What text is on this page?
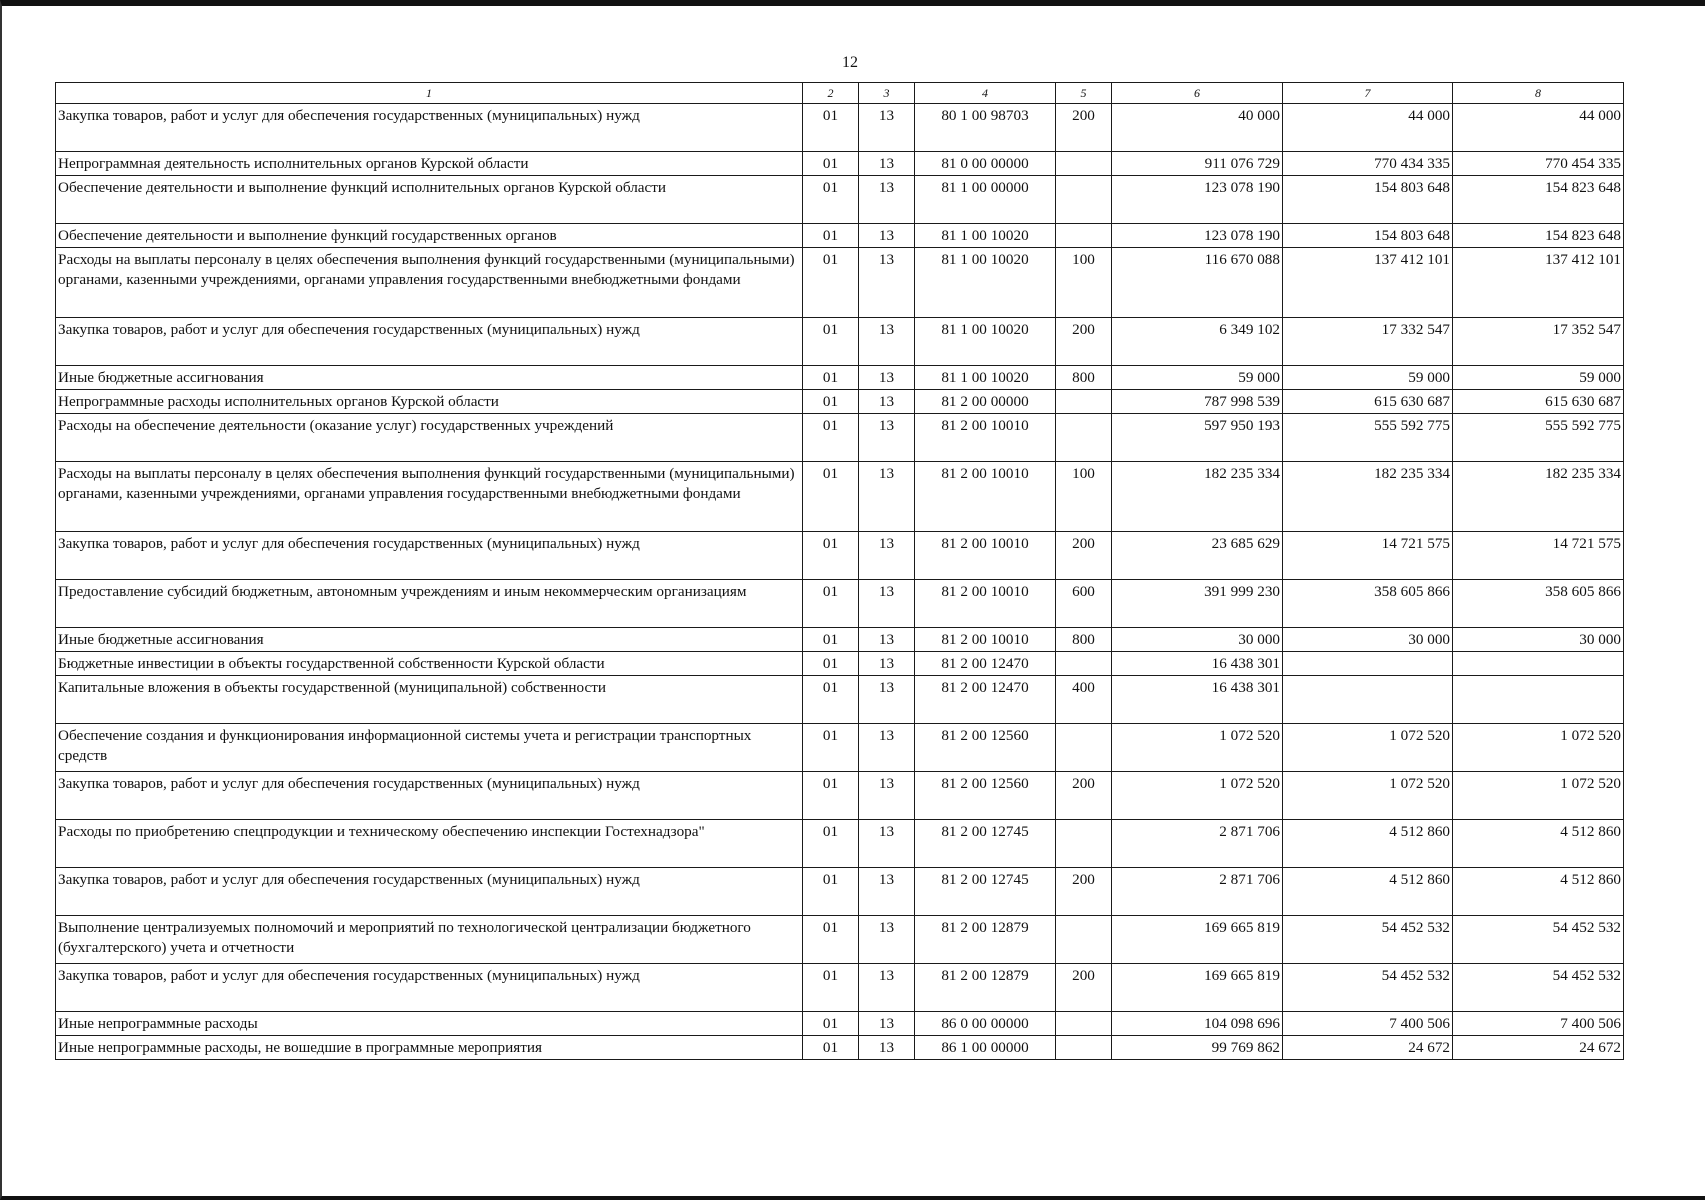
12
1	2	3	4	5	6	7	8
Закупка товаров, работ и услуг для обеспечения государственных (муниципальных) нужд	01	13	80 1 00 98703	200	40 000	44 000	44 000
Непрограммная деятельность исполнительных органов Курской области	01	13	81 0 00 00000		911 076 729	770 434 335	770 454 335
Обеспечение деятельности и выполнение функций исполнительных органов Курской области	01	13	81 1 00 00000		123 078 190	154 803 648	154 823 648
Обеспечение деятельности и выполнение функций государственных органов	01	13	81 1 00 10020		123 078 190	154 803 648	154 823 648
Расходы на выплаты персоналу в целях обеспечения выполнения функций государственными (муниципальными) органами, казенными учреждениями, органами управления государственными внебюджетными фондами	01	13	81 1 00 10020	100	116 670 088	137 412 101	137 412 101
Закупка товаров, работ и услуг для обеспечения государственных (муниципальных) нужд	01	13	81 1 00 10020	200	6 349 102	17 332 547	17 352 547
Иные бюджетные ассигнования	01	13	81 1 00 10020	800	59 000	59 000	59 000
Непрограммные расходы исполнительных органов Курской области	01	13	81 2 00 00000		787 998 539	615 630 687	615 630 687
Расходы на обеспечение деятельности (оказание услуг) государственных учреждений	01	13	81 2 00 10010		597 950 193	555 592 775	555 592 775
Расходы на выплаты персоналу в целях обеспечения выполнения функций государственными (муниципальными) органами, казенными учреждениями, органами управления государственными внебюджетными фондами	01	13	81 2 00 10010	100	182 235 334	182 235 334	182 235 334
Закупка товаров, работ и услуг для обеспечения государственных (муниципальных) нужд	01	13	81 2 00 10010	200	23 685 629	14 721 575	14 721 575
Предоставление субсидий бюджетным, автономным учреждениям и иным некоммерческим организациям	01	13	81 2 00 10010	600	391 999 230	358 605 866	358 605 866
Иные бюджетные ассигнования	01	13	81 2 00 10010	800	30 000	30 000	30 000
Бюджетные инвестиции в объекты государственной собственности Курской области	01	13	81 2 00 12470		16 438 301		
Капитальные вложения в объекты государственной (муниципальной) собственности	01	13	81 2 00 12470	400	16 438 301		
Обеспечение создания и функционирования информационной системы учета и регистрации транспортных средств	01	13	81 2 00 12560		1 072 520	1 072 520	1 072 520
Закупка товаров, работ и услуг для обеспечения государственных (муниципальных) нужд	01	13	81 2 00 12560	200	1 072 520	1 072 520	1 072 520
Расходы по приобретению спецпродукции и техническому обеспечению инспекции Гостехнадзора"	01	13	81 2 00 12745		2 871 706	4 512 860	4 512 860
Закупка товаров, работ и услуг для обеспечения государственных (муниципальных) нужд	01	13	81 2 00 12745	200	2 871 706	4 512 860	4 512 860
Выполнение централизуемых полномочий и мероприятий по технологической централизации бюджетного (бухгалтерского) учета и отчетности	01	13	81 2 00 12879		169 665 819	54 452 532	54 452 532
Закупка товаров, работ и услуг для обеспечения государственных (муниципальных) нужд	01	13	81 2 00 12879	200	169 665 819	54 452 532	54 452 532
Иные непрограммные расходы	01	13	86 0 00 00000		104 098 696	7 400 506	7 400 506
Иные непрограммные расходы, не вошедшие в программные мероприятия	01	13	86 1 00 00000		99 769 862	24 672	24 672
